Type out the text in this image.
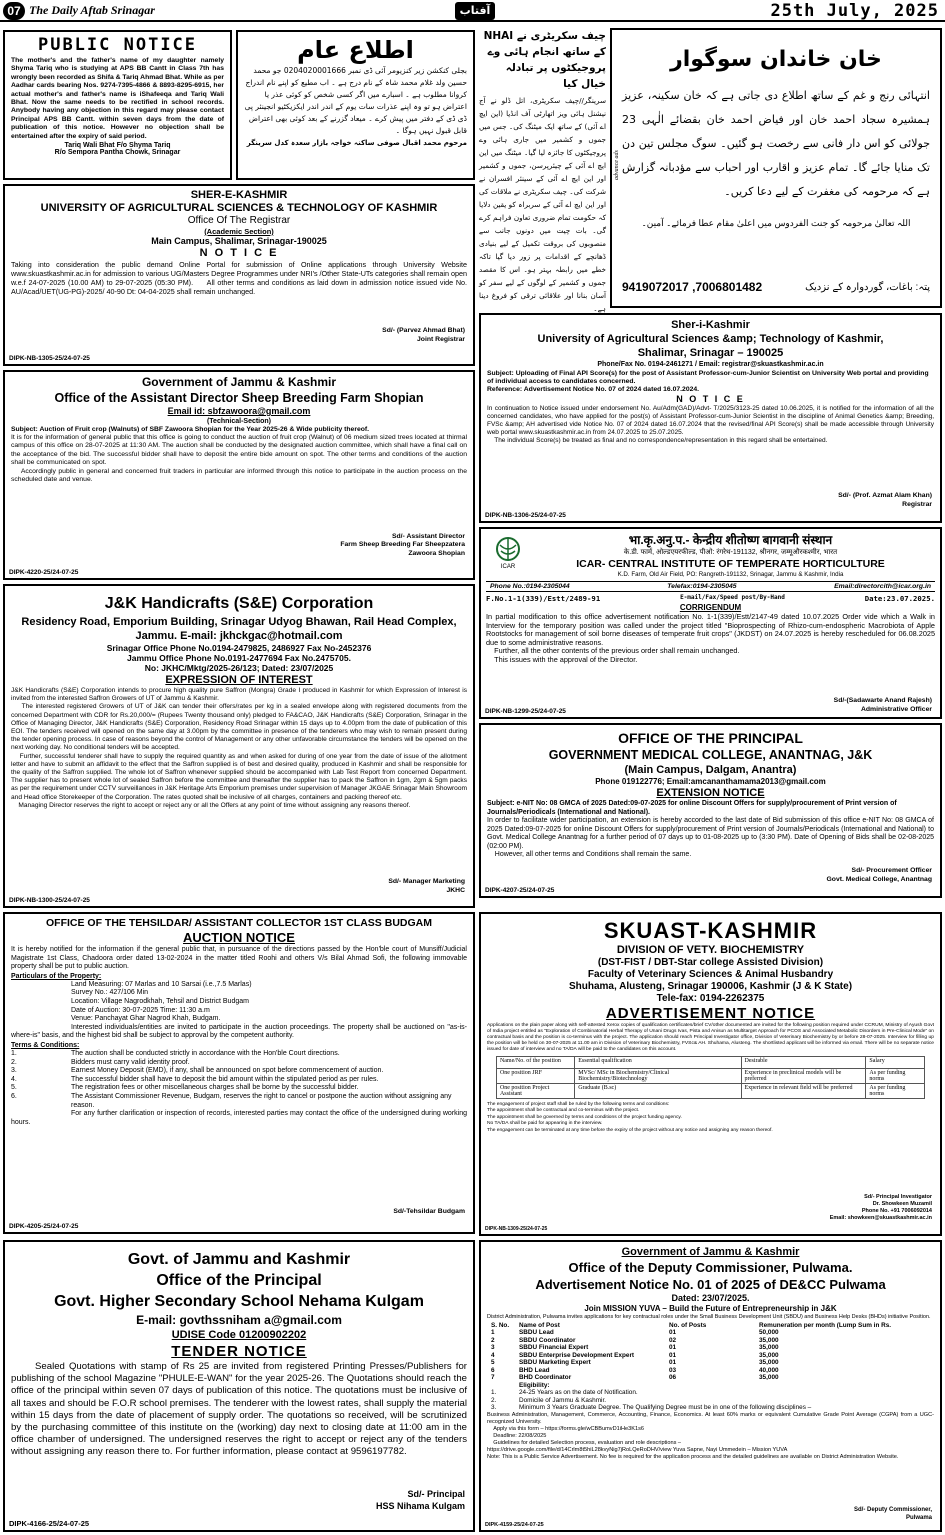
07 The Daily Aftab Srinagar	آفتاب	25th July, 2025
PUBLIC NOTICE
The mother's and the father's name of my daughter namely Shyma Tariq who is studying at APS BB Cantt in Class 7th has wrongly been recorded as Shifa & Tariq Ahmad Bhat. While as per Aadhar cards bearing Nos. 9274-7395-4866 & 8893-8295-6915, her actual mother's and father's name is iShafeeqa and Tariq Wali Bhat. Now the same needs to be rectified in school records. Anybody having any objection in this regard may please contact Principal APS BB Cantt. within seven days from the date of publication of this notice. However no objection shall be entertained after the expiry of said period.
Tariq Wali Bhat F/o Shyma Tariq
R/o Sempora Pantha Chowk, Srinagar
اطلاع عام
بجلی کنکشن زیر کنزیومر آئی ڈی نمبر 0204020001666 جو محمد حسین ولد غلام محمد شاہ کے نام درج ہے ۔ اب مطیع کو اپنے نام اندراج کروانا مطلوب ہے ۔ اسبارے میں اگر کسی شخص کو کوئی عذر یا اعتراض ہو تو وہ اپنے عذرات سات یوم کے اندر اندر ایکزیکٹیو انجینئر پی ڈی ڈی کے دفتر میں پیش کرے ۔ میعاد گزرنے کے بعد کوئی بھی اعتراض قابل قبول نہیں ہوگا ۔
مرحوم محمد اقبال صوفی ساکنہ خواجہ بازار سعدہ کدل سرینگر
چیف سکریٹری نے NHAI کے ساتھ انجام ہائی وے پروجیکٹوں پر تبادلہ خیال کیا
سرینگر//چیف سکریٹری، اتل ڈلو نے آج نیشنل ہائی ویز اتھارٹی آف انڈیا (این ایچ اے آئی) کے ساتھ ایک میٹنگ کی۔ جس میں جموں و کشمیر میں جاری ہائی وے پروجیکٹوں کا جائزہ لیا گیا۔ میٹنگ میں این ایچ اے آئی کے چیئرپرسن، جموں و کشمیر اور این ایچ اے آئی کے سینئر افسران نے شرکت کی۔ چیف سکریٹری نے ملاقات کی اور این ایچ اے آئی کے سربراہ کو یقین دلایا کہ حکومت تمام ضروری تعاون فراہم کرے گی۔ بات چیت میں دونوں جانب سے منصوبوں کی بروقت تکمیل کے لیے بنیادی ڈھانچے کے اقدامات پر زور دیا گیا تاکہ خطے میں رابطہ بہتر ہو۔ اس کا مقصد جموں و کشمیر کے لوگوں کے لیے سفر کو آسان بنانا اور علاقائی ترقی کو فروغ دینا ہے۔
خان خاندان سوگوار
انتہائی رنج و غم کے ساتھ اطلاع دی جاتی ہے کہ خان سکینہ، عزیز ہمشیرہ سجاد احمد خان اور فیاض احمد خان بقضائے الٰہی 23 جولائی کو اس دار فانی سے رخصت ہو گئیں۔ سوگ مجلس تین دن تک منایا جائے گا۔ تمام عزیز و اقارب اور احباب سے مؤدبانہ گزارش ہے کہ مرحومہ کی مغفرت کے لیے دعا کریں۔
اللہ تعالیٰ مرحومہ کو جنت الفردوس میں اعلیٰ مقام عطا فرمائے۔ آمین۔
پتہ: باغات، گوردوارہ کے نزدیک
9419072017 ,7006801482
advance ads
SHER-E-KASHMIR
UNIVERSITY OF AGRICULTURAL SCIENCES & TECHNOLOGY OF KASHMIR
Office Of The Registrar
(Academic Section)
Main Campus, Shalimar, Srinagar-190025
N O T I C E
Taking into consideration the public demand Online Portal for submission of Online applications through University Website www.skuastkashmir.ac.in for admission to various UG/Masters Degree Programmes under NRI's /Other State-UTs categories shall remain open w.e.f 24-07-2025 (10.00 AM) to 29-07-2025 (05:30 PM).     All other terms and conditions as laid down in admission notice issued vide No. AU/Acad/UET(UG-PG)-2025/ 40-90 Dt: 04-04-2025 shall remain unchanged.
Sd/- (Parvez Ahmad Bhat)
Joint Registrar
DIPK-NB-1305-25/24-07-25
Sher-i-Kashmir
University of Agricultural Sciences &amp; Technology of Kashmir,
Shalimar, Srinagar – 190025
Phone/Fax No. 0194-2461271 / Email: registrar@skuastkashmir.ac.in
Subject: Uploading of Final API Score(s) for the post of Assistant Professor-cum-Junior Scientist on University Web portal and providing of individual access to candidates concerned.
Reference: Advertisement Notice No. 07 of 2024 dated 16.07.2024.
N O T I C E
In continuation to Notice issued under endorsement No. Au/Adm(GAD)/Advt- T/2025/3123-25 dated 10.06.2025, it is notified for the information of all the concerned candidates, who have applied for the post(s) of Assistant Professor-cum-Junior Scientist in the discipline of Animal Genetics &amp; Breeding, FVSc &amp; AH advertised vide Notice No. 07 of 2024 dated 16.07.2024 that the revised/final API Score(s) shall be made accessible through University web portal www.skuastkashmir.ac.in from 24.07.2025 to 25.07.2025.
The individual Score(s) be treated as final and no correspondence/representation in this regard shall be entertained.
Sd/- (Prof. Azmat Alam Khan)
Registrar
DIPK-NB-1306-25/24-07-25
Government of Jammu & Kashmir
Office of the Assistant Director Sheep Breeding Farm Shopian
Email id: sbfzawoora@gmail.com
(Technical-Section)
Subject: Auction of Fruit crop (Walnuts) of SBF Zawoora Shopian for the Year 2025-26 & Wide publicity thereof.
It is for the information of general public that this office is going to conduct the auction of fruit crop (Walnut) of 06 medium sized trees located at thirmal campus of this office on 28-07-2025 at 11:30 AM. The auction shall be conducted by the designated auction committee, which shall have a final call on the acceptance of the bid. The successful bidder shall have to deposit the entire bide amount on spot. The other terms and conditions of the auction shall be communicated on spot.
Accordingly public in general and concerned fruit traders in particular are informed through this notice to participate in the auction process on the scheduled date and venue.
Sd/- Assistant Director
Farm Sheep Breeding Far Sheepzatera
Zawoora Shopian
DIPK-4220-25/24-07-25
ICAR
भा.कृ.अनु.प.- केन्द्रीय शीतोष्ण बागवानी संस्थान
के.डी. फार्म, ओल्डएयरफील्ड, पीओ: रंगरेथ-191132, श्रीनगर, जम्मूऔरकश्मीर, भारत
ICAR- CENTRAL INSTITUTE OF TEMPERATE HORTICULTURE
K.D. Farm, Old Air Field, PO: Rangreth-191132, Srinagar, Jammu & Kashmir, India
Phone No.:0194-2305044	Telefax:0194-2305045	Email:directorcith@icar.org.in
F.No.1-1(339)/Estt/2489-91	E-mail/Fax/Speed post/By-Hand	Date:23.07.2025.
CORRIGENDUM
In partial modification to this office advertisement notification No. 1-1(339)/Estt/2147-49 dated 10.07.2025 Order vide which a Walk in Interview for the temporary position was called under the project titled "Bioprospecting of Rhizo-cum-endospheric Macrobiota of Apple Rootstocks for management of soil borne diseases of temperate fruit crops" (JKDST) on 24.07.2025 is hereby rescheduled for 06.08.2025 due to some administrative reasons.
Further, all the other contents of the previous order shall remain unchanged.
This issues with the approval of the Director.
Sd/-(Sadawarte Anand Rajesh)
Administrative Officer
DIPK-NB-1299-25/24-07-25
J&K Handicrafts (S&E) Corporation
Residency Road, Emporium Building, Srinagar Udyog Bhawan, Rail Head Complex, Jammu. E-mail: jkhckgac@hotmail.com
Srinagar Office Phone No.0194-2479825, 2486927 Fax No-2452376
Jammu Office Phone No.0191-2477694 Fax No.2475705.
No: JKHC/Mktg/2025-26/123; Dated: 23/07/2025
EXPRESSION OF INTEREST
J&K Handicrafts (S&E) Corporation intends to procure high quality pure Saffron (Mongra) Grade I produced in Kashmir for which Expression of Interest is invited from the interested Saffron Growers of UT of Jammu & Kashmir.
The interested registered Growers of UT of J&K can tender their offers/rates per kg in a sealed envelope along with registered documents from the concerned Department with CDR for Rs.20,000/= (Rupees Twenty thousand only) pledged to FA&CAO, J&K Handicrafts (S&E) Corporation, Srinagar in the Office of Managing Director, J&K Handicrafts (S&E) Corporation, Residency Road Srinagar within 15 days up to 4.00pm from the date of publication of this EOI. The tenders received will opened on the same day at 3.00pm by the committee in presence of the tenderers who may wish to remain present during the tender opening process. In case of reasons beyond the control of Management or any other unfavorable circumstance the tenders will be opened on the next working day. No conditional tenders will be accepted.
Further, successful tenderer shall have to supply the required quantity as and when asked for during of one year from the date of issue of the allotment letter and have to submit an affidavit to the effect that the Saffron supplied is of best and desired quality, produced in Kashmir and shall be responsible for the quality of the Saffron supplied. The whole lot of Saffron whenever supplied should be accompanied with Lab Test Report from concerned Department. The supplier has to present whole lot of sealed Saffron before the committee and thereafter the supplier has to pack the Saffron in 1gm, 2gm & 5gm packs as per the requirement under CCTV surveillances in J&K Heritage Arts Emporium premises under supervision of Manager JKGAE Srinagar Main Showroom and Head office Storekeeper of the Corporation. The rates quoted shall be inclusive of all charges, containers and packing thereof etc.
Managing Director reserves the right to accept or reject any or all the Offers at any point of time without assigning any reasons thereof.
Sd/- Manager Marketing
JKHC
DIPK-NB-1300-25/24-07-25
OFFICE OF THE PRINCIPAL
GOVERNMENT MEDICAL COLLEGE, ANANTNAG, J&K
(Main Campus, Dalgam, Anantra)
Phone 019122776; Email:amcananthamama2013@gmail.com
EXTENSION NOTICE
Subject: e-NIT No: 08 GMCA of 2025 Dated:09-07-2025 for online Discount Offers for supply/procurement of Print version of Journals/Periodicals (International and National).
In order to facilitate wider participation, an extension is hereby accorded to the last date of Bid submission of this office e-NIT No: 08 GMCA of 2025 Dated:09-07-2025 for online Discount Offers for supply/procurement of Print version of Journals/Periodicals (International and National) to Govt. Medical College Anantnag for a further period of 07 days up to 01-08-2025 up to (3:30 PM). Date of Opening of Bids shall be 02-08-2025 (02:00 PM).
However, all other terms and Conditions shall remain the same.
Sd/- Procurement Officer
Govt. Medical College, Anantnag
DIPK-4207-25/24-07-25
OFFICE OF THE TEHSILDAR/ ASSISTANT COLLECTOR 1ST CLASS BUDGAM
AUCTION NOTICE
It is hereby notified for the information if the general public that, in pursuance of the directions passed by the Hon'ble court of Munsiff/Judicial Magistrate 1st Class, Chadoora order dated 13-02-2024 in the matter titled Roohi and others V/s Bilal Ahmad Sofi, the following immovable property shall be put to public auction.
Particulars of the Property:
Land Measuring: 07 Marlas and 10 Sarsai (i.e.,7.5 Marlas)
Survey No.: 427/106 Min
Location: Village Nagrodkhah, Tehsil and District Budgam
Date of Auction: 30-07-2025 Time: 11:30 a.m
Venue: Panchayat Ghar Nagrod Khah, Budgam.
Interested individuals/entities are invited to participate in the auction proceedings. The property shall be auctioned on "as-is-where-is" basis, and the highest bid shall be subject to approval by the competent authority.
Terms & Conditions:
1.	The auction shall be conducted strictly in accordance with the Hon'ble Court directions.
2.	Bidders must carry valid identity proof.
3.	Earnest Money Deposit (EMD), if any, shall be announced on spot before commencement of auction.
4.	The successful bidder shall have to deposit the bid amount within the stipulated period as per rules.
5.	The registration fees or other miscellaneous charges shall be borne by the successful bidder.
6.	The Assistant Commissioner Revenue, Budgam, reserves the right to cancel or postpone the auction without assigning any reason.
For any further clarification or inspection of records, interested parties may contact the office of the undersigned during working hours.
Sd/-Tehsildar Budgam
DIPK-4205-25/24-07-25
SKUAST-KASHMIR
DIVISION OF VETY. BIOCHEMISTRY
(DST-FIST / DBT-Star college Assisted Division)
Faculty of Veterinary Sciences & Animal Husbandry
Shuhama, Alusteng, Srinagar 190006, Kashmir (J & K State)
Tele-fax: 0194-2262375
ADVERTISEMENT NOTICE
Applications on the plain paper along with self-attested Xerox copies of qualification certificates/brief CV/other documented are invited for the following position required under CCRUM, Ministry of Ayush Govt of India project entitled as "Exploration of Combinatorial Herbal Therapy of Unani Drugs Ivas, Pista and Anisun as Multitarget Approach for PCOS and Associated Metabolic Disorders in Pre-Clinical Mode" on contractual basis and the position is co-terminus with the project. The application should reach Principal Investigator office, Division of Veterinary Biochemistry by or before 28-07-2025. Interview for filling up the position will be held on 30-07-2025 at 11.00 am in Division of Veterinary Biochemistry, FVSc& AH. Shuhama, Alusteng. The shortlisted applicant will be informed via email. There will be no separate notice issued for date of interview and no TA/DA will be paid to the candidates on this account.
Name/No. of the position	Essential qualification	Desirable	Salary
One position JRF	MVSc/ MSc in Biochemistry/Clinical Biochemistry/Biotechnology	Experience in preclinical models will be preferred	As per funding norms
One position Project Assistant	Graduate (B.sc)	Experience in relevant field will be preferred	As per funding norms
The engagement of project staff shall be ruled by the following terms and conditions:
The appointment shall be contractual and co-terminus with the project.
The appointment shall be governed by terms and conditions of the project funding agency.
No TA/DA shall be paid for appearing in the interview.
The engagement can be terminated at any time before the expiry of the project without any notice and assigning any reason thereof.
Sd/- Principal Investigator
Dr. Showkeen Muzamil
Phone No. +91 7006092014
Email: showkeen@skuastkashmir.ac.in
DIPK-NB-1309-25/24-07-25
Govt. of Jammu and Kashmir
Office of the Principal
Govt. Higher Secondary School Nehama Kulgam
E-mail: govthssniham a@gmail.com
UDISE Code 01200902202
TENDER NOTICE
Sealed Quotations with stamp of Rs 25 are invited from registered Printing Presses/Publishers for publishing of the school Magazine "PHULE-E-WAN" for the year 2025-26. The Quotations should reach the office of the principal within seven 07 days of publication of this notice. The quotations must be inclusive of all taxes and should be F.O.R school premises. The tenderer with the lowest rates, shall supply the material within 15 days from the date of placement of supply order. The quotations so received, will be scrutinized by the purchasing committee of this institute on the (working) day next to closing date at 11:00 am in the office chamber of undersigned. The undersigned reserves the right to accept or reject any of the tenders without assigning any reason there to. For further information, please contact at 9596197782.
Sd/- Principal
HSS Nihama Kulgam
DIPK-4166-25/24-07-25
Government of Jammu & Kashmir
Office of the Deputy Commissioner, Pulwama.
Advertisement Notice No. 01 of 2025 of DE&CC Pulwama
Dated: 23/07/2025.
Join MISSION YUVA – Build the Future of Entrepreneurship in J&K
District Administration, Pulwama invites applications for key contractual roles under the Small Business Development Unit (SBDU) and Business Help Desks (BHDs) initiative Position.
S. No.	Name of Post	No. of Posts	Remuneration per month (Lump Sum in Rs.
1	SBDU Lead	01	50,000
2	SBDU Coordinator	02	35,000
3	SBDU Financial Expert	01	35,000
4	SBDU Enterprise Development Expert	01	35,000
5	SBDU Marketing Expert	01	35,000
6	BHD Lead	03	40,000
7	BHD Coordinator	06	35,000
Eligibility:
1.	24-25 Years as on the date of Notification.
2.	Domicile of Jammu & Kashmir.
3.	Minimum 3 Years Graduate Degree. The Qualifying Degree must be in one of the following disciplines –
Business Administration, Management, Commerce, Accounting, Finance, Economics. At least 60% marks or equivalent Cumulative Grade Point Average (CGPA) from a UGC-recognized University.
Apply via this form – https://forms.gle/wCBBumvD1iHe3K1s6
Deadline: 22/08/2025
Guidelines for detailed Selection process, evaluation and role descriptions –
https://drive.google.com/file/d/14Crlm8t5hiL28kvyNig7jRoLQeRoDHV/view Yuva Sapne, Nayi Ummedein – Mission YUVA
Note: This is a Public Service Advertisement. No fee is required for the application process and the detailed guidelines are available on District Administration Website.
Sd/- Deputy Commissioner,
Pulwama
DIPK-4159-25/24-07-25
